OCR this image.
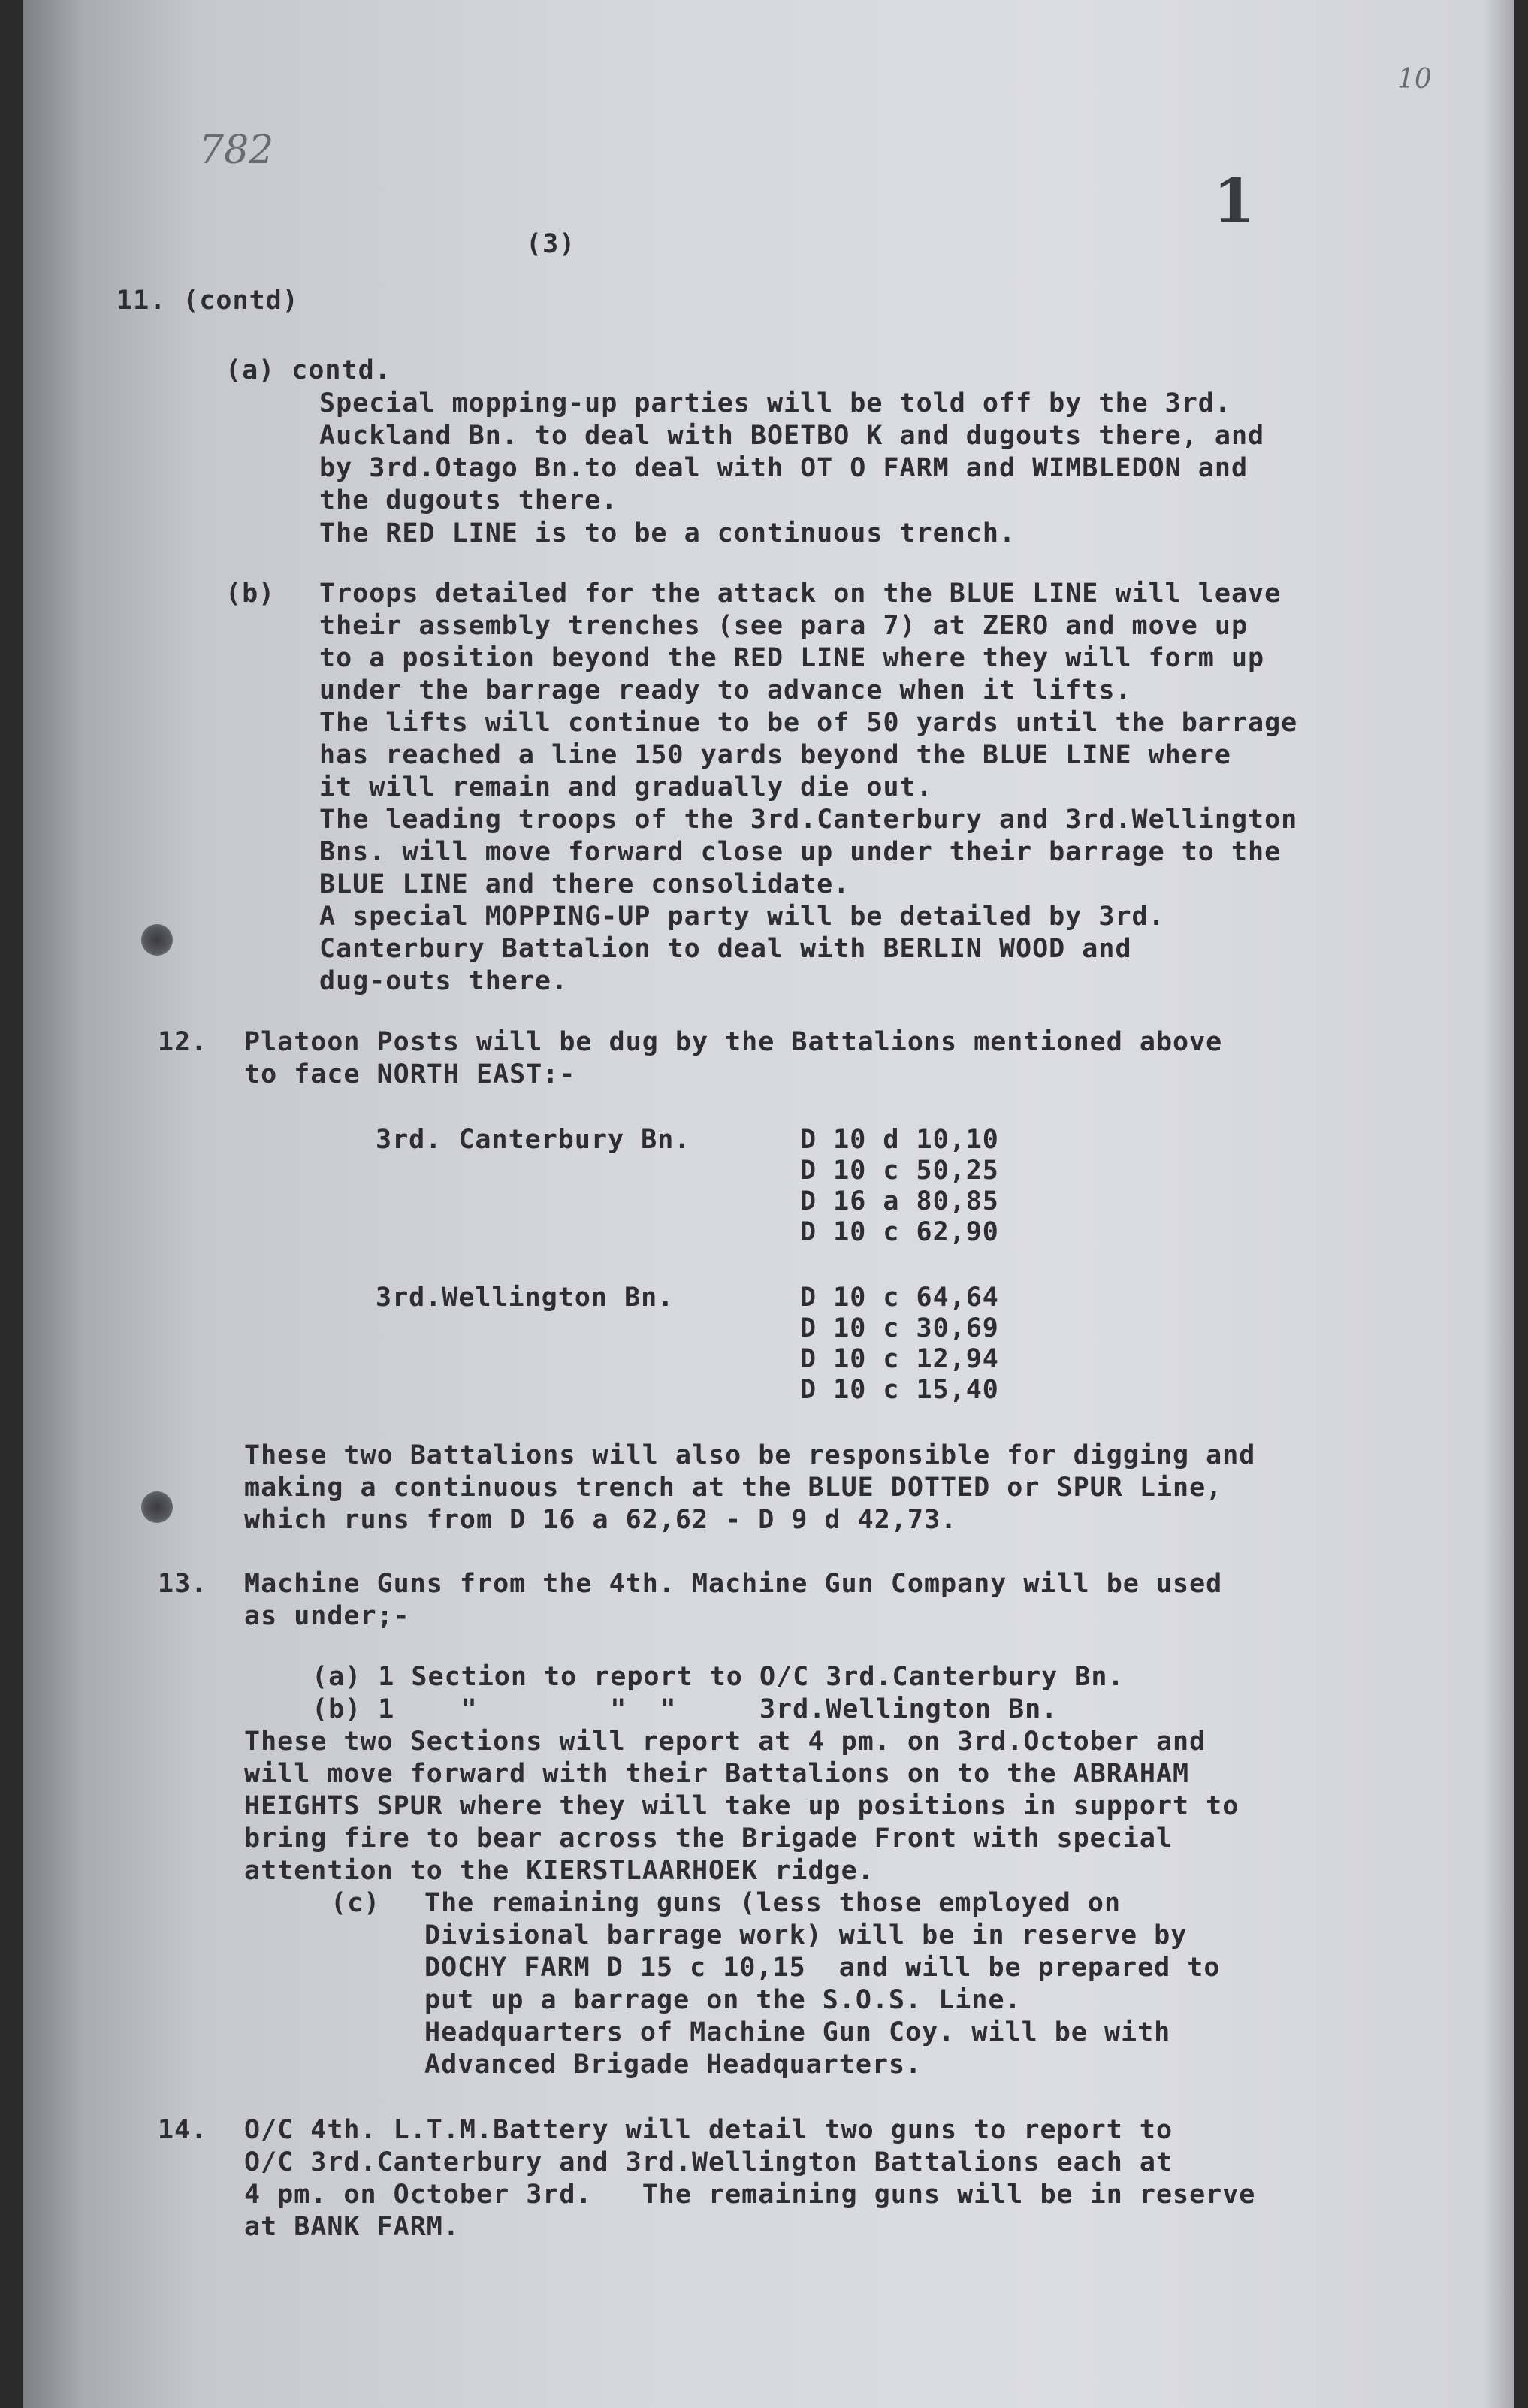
10
782
1
(3)
11. (contd)
(a) contd.
Special mopping-up parties will be told off by the 3rd.
Auckland Bn. to deal with BOETBO K and dugouts there, and
by 3rd.Otago Bn.to deal with OT O FARM and WIMBLEDON and
the dugouts there.
The RED LINE is to be a continuous trench.
(b) Troops detailed for the attack on the BLUE LINE will leave
their assembly trenches (see para 7) at ZERO and move up
to a position beyond the RED LINE where they will form up
under the barrage ready to advance when it lifts.
The lifts will continue to be of 50 yards until the barrage
has reached a line 150 yards beyond the BLUE LINE where
it will remain and gradually die out.
The leading troops of the 3rd.Canterbury and 3rd.Wellington
Bns. will move forward close up under their barrage to the
BLUE LINE and there consolidate.
A special MOPPING-UP party will be detailed by 3rd.
Canterbury Battalion to deal with BERLIN WOOD and
dug-outs there.
12. Platoon Posts will be dug by the Battalions mentioned above
to face NORTH EAST:-
3rd. Canterbury Bn.	D 10 d 10,10
D 10 c 50,25
D 16 a 80,85
D 10 c 62,90
3rd.Wellington Bn.	D 10 c 64,64
D 10 c 30,69
D 10 c 12,94
D 10 c 15,40
These two Battalions will also be responsible for digging and
making a continuous trench at the BLUE DOTTED or SPUR Line,
which runs from D 16 a 62,62 - D 9 d 42,73.
13. Machine Guns from the 4th. Machine Gun Company will be used
as under;-
(a) 1 Section to report to O/C 3rd.Canterbury Bn.
(b) 1    "        "  "     3rd.Wellington Bn.
These two Sections will report at 4 pm. on 3rd.October and
will move forward with their Battalions on to the ABRAHAM
HEIGHTS SPUR where they will take up positions in support to
bring fire to bear across the Brigade Front with special
attention to the KIERSTLAARHOEK ridge.
(c) The remaining guns (less those employed on
Divisional barrage work) will be in reserve by
DOCHY FARM D 15 c 10,15  and will be prepared to
put up a barrage on the S.O.S. Line.
Headquarters of Machine Gun Coy. will be with
Advanced Brigade Headquarters.
14. O/C 4th. L.T.M.Battery will detail two guns to report to
O/C 3rd.Canterbury and 3rd.Wellington Battalions each at
4 pm. on October 3rd.   The remaining guns will be in reserve
at BANK FARM.
